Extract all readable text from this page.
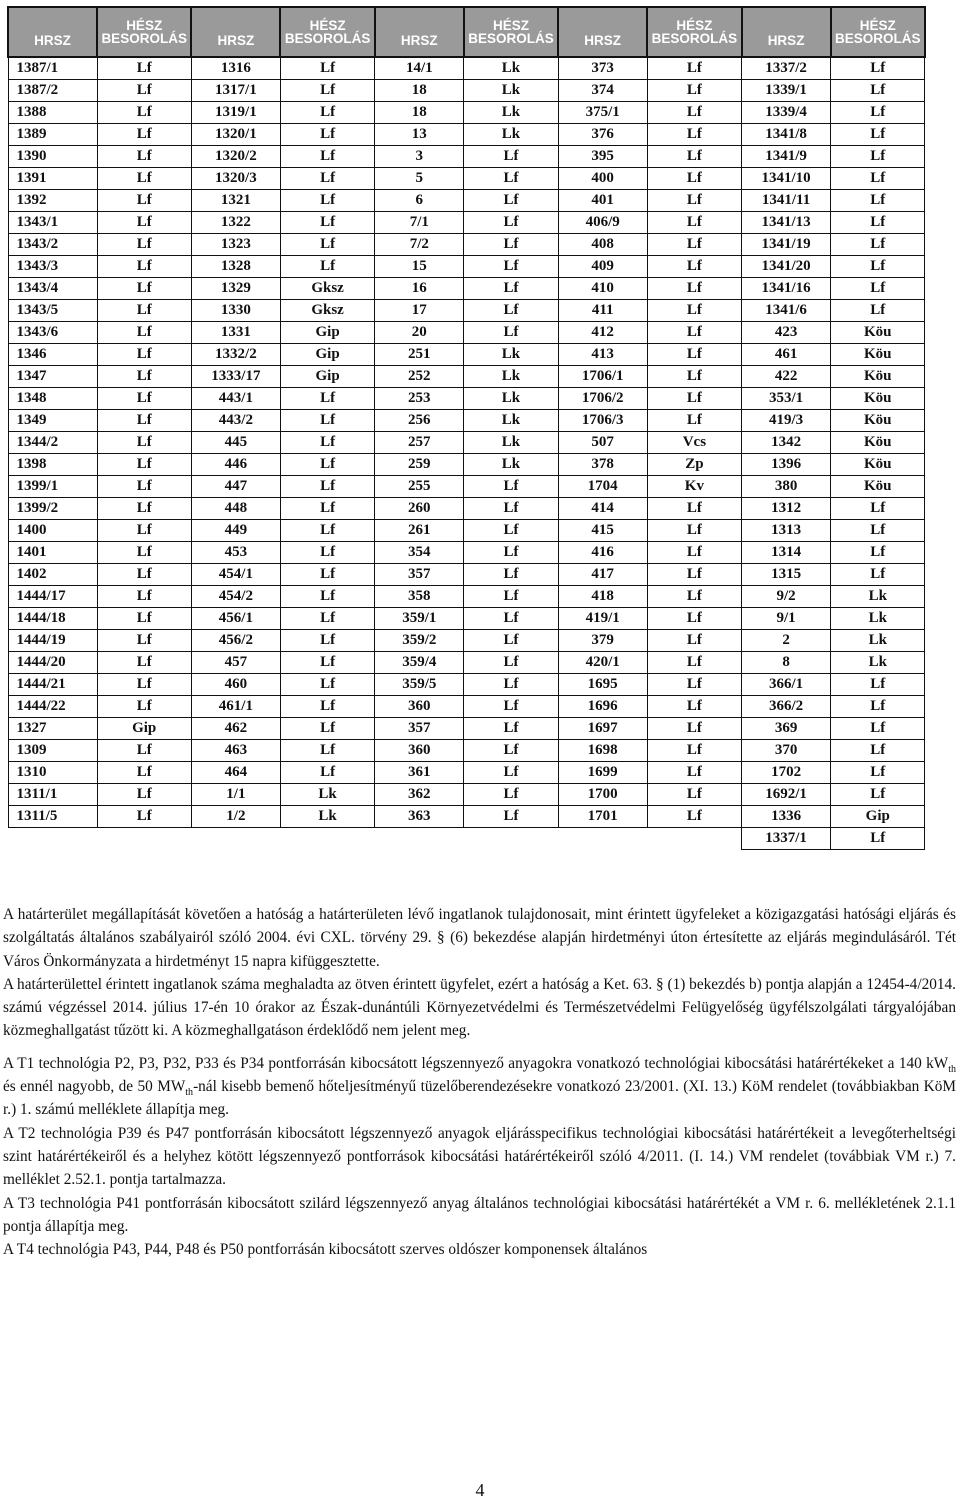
HRSZ	HÉSZ BESOROLÁS	HRSZ	HÉSZ BESOROLÁS	HRSZ	HÉSZ BESOROLÁS	HRSZ	HÉSZ BESOROLÁS	HRSZ	HÉSZ BESOROLÁS
1387/1	Lf	1316	Lf	14/1	Lk	373	Lf	1337/2	Lf
1387/2	Lf	1317/1	Lf	18	Lk	374	Lf	1339/1	Lf
1388	Lf	1319/1	Lf	18	Lk	375/1	Lf	1339/4	Lf
1389	Lf	1320/1	Lf	13	Lk	376	Lf	1341/8	Lf
1390	Lf	1320/2	Lf	3	Lf	395	Lf	1341/9	Lf
1391	Lf	1320/3	Lf	5	Lf	400	Lf	1341/10	Lf
1392	Lf	1321	Lf	6	Lf	401	Lf	1341/11	Lf
1343/1	Lf	1322	Lf	7/1	Lf	406/9	Lf	1341/13	Lf
1343/2	Lf	1323	Lf	7/2	Lf	408	Lf	1341/19	Lf
1343/3	Lf	1328	Lf	15	Lf	409	Lf	1341/20	Lf
1343/4	Lf	1329	Gksz	16	Lf	410	Lf	1341/16	Lf
1343/5	Lf	1330	Gksz	17	Lf	411	Lf	1341/6	Lf
1343/6	Lf	1331	Gip	20	Lf	412	Lf	423	Köu
1346	Lf	1332/2	Gip	251	Lk	413	Lf	461	Köu
1347	Lf	1333/17	Gip	252	Lk	1706/1	Lf	422	Köu
1348	Lf	443/1	Lf	253	Lk	1706/2	Lf	353/1	Köu
1349	Lf	443/2	Lf	256	Lk	1706/3	Lf	419/3	Köu
1344/2	Lf	445	Lf	257	Lk	507	Vcs	1342	Köu
1398	Lf	446	Lf	259	Lk	378	Zp	1396	Köu
1399/1	Lf	447	Lf	255	Lf	1704	Kv	380	Köu
1399/2	Lf	448	Lf	260	Lf	414	Lf	1312	Lf
1400	Lf	449	Lf	261	Lf	415	Lf	1313	Lf
1401	Lf	453	Lf	354	Lf	416	Lf	1314	Lf
1402	Lf	454/1	Lf	357	Lf	417	Lf	1315	Lf
1444/17	Lf	454/2	Lf	358	Lf	418	Lf	9/2	Lk
1444/18	Lf	456/1	Lf	359/1	Lf	419/1	Lf	9/1	Lk
1444/19	Lf	456/2	Lf	359/2	Lf	379	Lf	2	Lk
1444/20	Lf	457	Lf	359/4	Lf	420/1	Lf	8	Lk
1444/21	Lf	460	Lf	359/5	Lf	1695	Lf	366/1	Lf
1444/22	Lf	461/1	Lf	360	Lf	1696	Lf	366/2	Lf
1327	Gip	462	Lf	357	Lf	1697	Lf	369	Lf
1309	Lf	463	Lf	360	Lf	1698	Lf	370	Lf
1310	Lf	464	Lf	361	Lf	1699	Lf	1702	Lf
1311/1	Lf	1/1	Lk	362	Lf	1700	Lf	1692/1	Lf
1311/5	Lf	1/2	Lk	363	Lf	1701	Lf	1336	Gip
								1337/1	Lf

A határterület megállapítását követően a hatóság a határterületen lévő ingatlanok tulajdonosait, mint érintett ügyfeleket a közigazgatási hatósági eljárás és szolgáltatás általános szabályairól szóló 2004. évi CXL. törvény 29. § (6) bekezdése alapján hirdetményi úton értesítette az eljárás megindulásáról. Tét Város Önkormányzata a hirdetményt 15 napra kifüggesztette.

A határterülettel érintett ingatlanok száma meghaladta az ötven érintett ügyfelet, ezért a hatóság a Ket. 63. § (1) bekezdés b) pontja alapján a 12454-4/2014. számú végzéssel 2014. július 17-én 10 órakor az Észak-dunántúli Környezetvédelmi és Természetvédelmi Felügyelőség ügyfélszolgálati tárgyalójában közmeghallgatást tűzött ki. A közmeghallgatáson érdeklődő nem jelent meg.

A T1 technológia P2, P3, P32, P33 és P34 pontforrásán kibocsátott légszennyező anyagokra vonatkozó technológiai kibocsátási határértékeket a 140 $kW_{th}$ és ennél nagyobb, de 50 $MW_{th}$-nál kisebb bemenő hőteljesítményű tüzelőberendezésekre vonatkozó 23/2001. (XI. 13.) KöM rendelet (továbbiakban KöM r.) 1. számú melléklete állapítja meg.

A T2 technológia P39 és P47 pontforrásán kibocsátott légszennyező anyagok eljárásspecifikus technológiai kibocsátási határértékeit a levegőterheltségi szint határértékeiről és a helyhez kötött légszennyező pontforrások kibocsátási határértékeiről szóló 4/2011. (I. 14.) VM rendelet (továbbiak VM r.) 7. melléklet 2.52.1. pontja tartalmazza.

A T3 technológia P41 pontforrásán kibocsátott szilárd légszennyező anyag általános technológiai kibocsátási határértékét a VM r. 6. mellékletének 2.1.1 pontja állapítja meg.

A T4 technológia P43, P44, P48 és P50 pontforrásán kibocsátott szerves oldószer komponensek általános

4
